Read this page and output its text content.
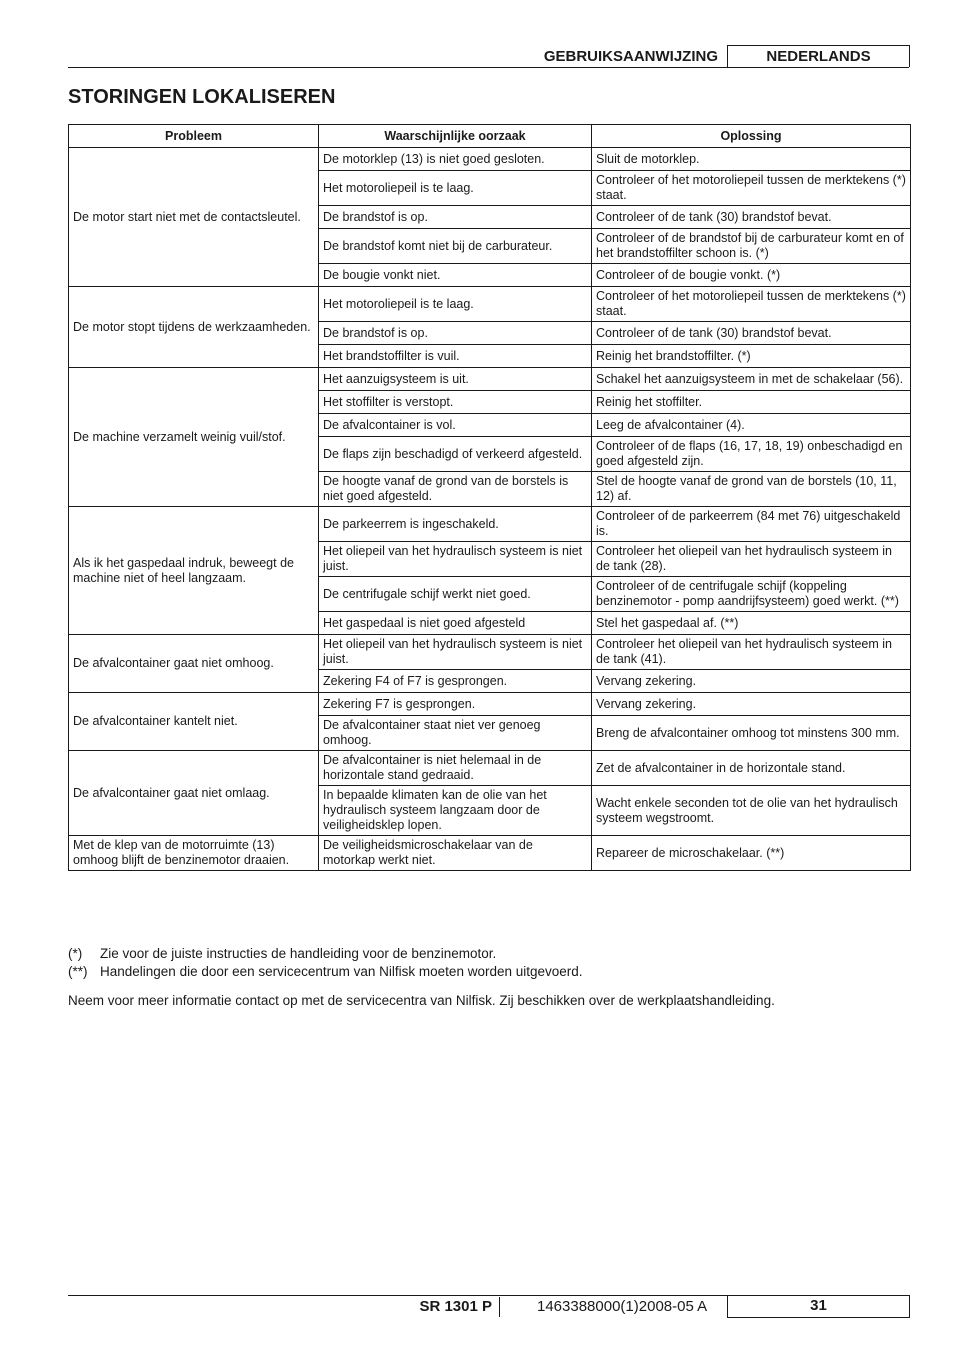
GEBRUIKSAANWIJZING	NEDERLANDS
STORINGEN LOKALISEREN
Probleem	Waarschijnlijke oorzaak	Oplossing
De motor start niet met de contactsleutel.	De motorklep (13) is niet goed gesloten.	Sluit de motorklep.
	Het motoroliepeil is te laag.	Controleer of het motoroliepeil tussen de merktekens (*) staat.
	De brandstof is op.	Controleer of de tank (30) brandstof bevat.
	De brandstof komt niet bij de carburateur.	Controleer of de brandstof bij de carburateur komt en of het brandstoffilter schoon is. (*)
	De bougie vonkt niet.	Controleer of de bougie vonkt. (*)
De motor stopt tijdens de werkzaamheden.	Het motoroliepeil is te laag.	Controleer of het motoroliepeil tussen de merktekens (*) staat.
	De brandstof is op.	Controleer of de tank (30) brandstof bevat.
	Het brandstoffilter is vuil.	Reinig het brandstoffilter. (*)
De machine verzamelt weinig vuil/stof.	Het aanzuigsysteem is uit.	Schakel het aanzuigsysteem in met de schakelaar (56).
	Het stoffilter is verstopt.	Reinig het stoffilter.
	De afvalcontainer is vol.	Leeg de afvalcontainer (4).
	De flaps zijn beschadigd of verkeerd afgesteld.	Controleer of de flaps (16, 17, 18, 19) onbeschadigd en goed afgesteld zijn.
	De hoogte vanaf de grond van de borstels is niet goed afgesteld.	Stel de hoogte vanaf de grond van de borstels (10, 11, 12) af.
Als ik het gaspedaal indruk, beweegt de machine niet of heel langzaam.	De parkeerrem is ingeschakeld.	Controleer of de parkeerrem (84 met 76) uitgeschakeld is.
	Het oliepeil van het hydraulisch systeem is niet juist.	Controleer het oliepeil van het hydraulisch systeem in de tank (28).
	De centrifugale schijf werkt niet goed.	Controleer of de centrifugale schijf (koppeling benzinemotor - pomp aandrijfsysteem) goed werkt. (**)
	Het gaspedaal is niet goed afgesteld	Stel het gaspedaal af. (**)
De afvalcontainer gaat niet omhoog.	Het oliepeil van het hydraulisch systeem is niet juist.	Controleer het oliepeil van het hydraulisch systeem in de tank (41).
	Zekering F4 of F7 is gesprongen.	Vervang zekering.
De afvalcontainer kantelt niet.	Zekering F7 is gesprongen.	Vervang zekering.
	De afvalcontainer staat niet ver genoeg omhoog.	Breng de afvalcontainer omhoog tot minstens 300 mm.
De afvalcontainer gaat niet omlaag.	De afvalcontainer is niet helemaal in de horizontale stand gedraaid.	Zet de afvalcontainer in de horizontale stand.
	In bepaalde klimaten kan de olie van het hydraulisch systeem langzaam door de veiligheidsklep lopen.	Wacht enkele seconden tot de olie van het hydraulisch systeem wegstroomt.
Met de klep van de motorruimte (13) omhoog blijft de benzinemotor draaien.	De veiligheidsmicroschakelaar van de motorkap werkt niet.	Repareer de microschakelaar. (**)
(*)	Zie voor de juiste instructies de handleiding voor de benzinemotor.
(**) Handelingen die door een servicecentrum van Nilfisk moeten worden uitgevoerd.
Neem voor meer informatie contact op met de servicecentra van Nilfisk. Zij beschikken over de werkplaatshandleiding.
SR 1301 P	1463388000(1)2008-05 A	31
